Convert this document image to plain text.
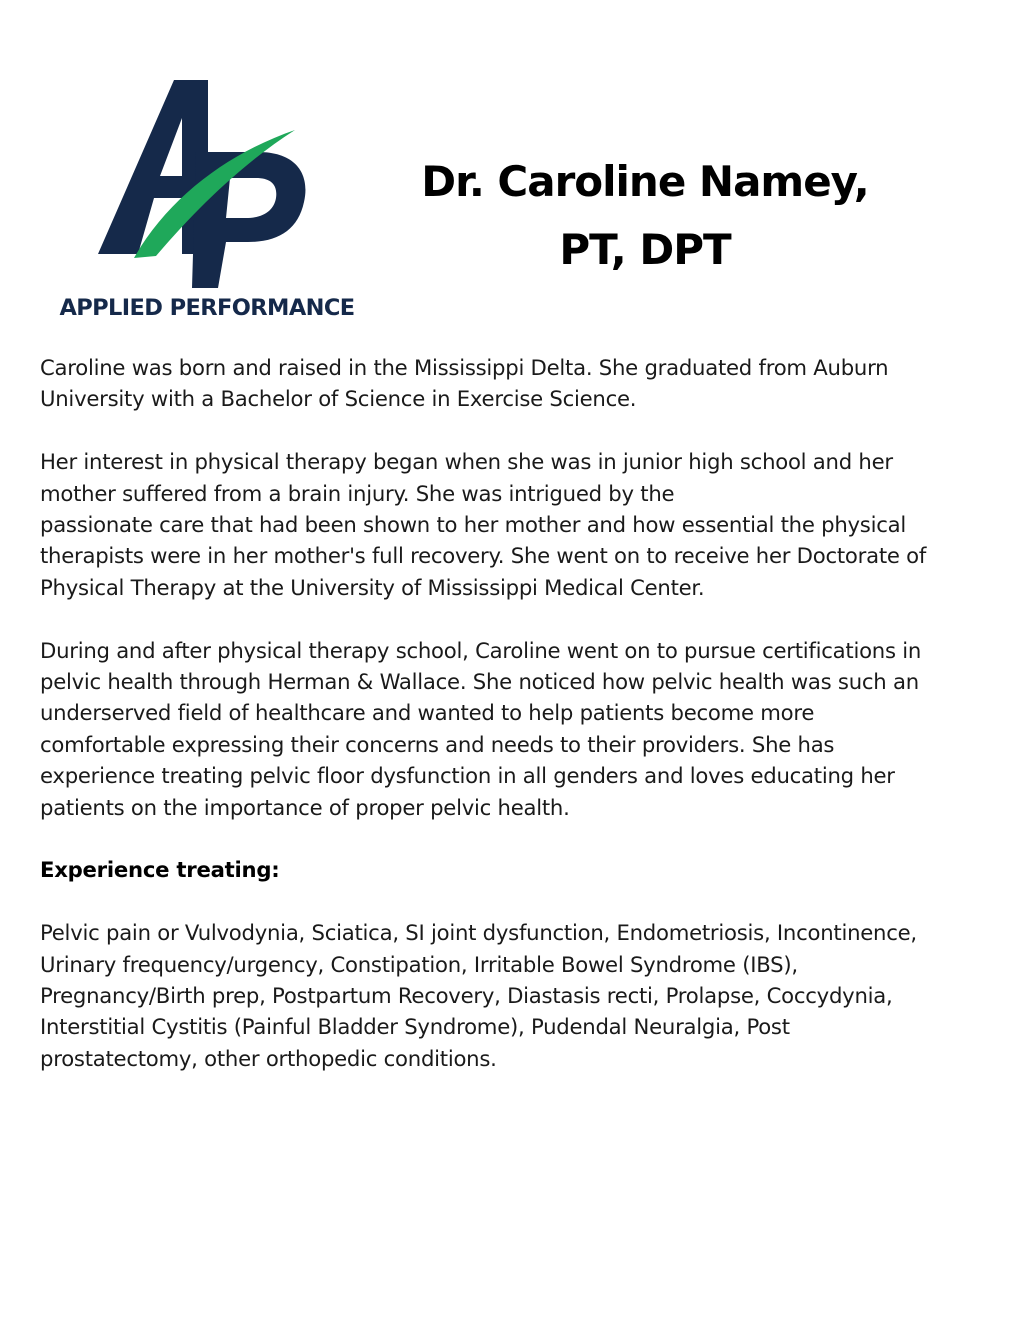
APPLIED PERFORMANCE
Dr. Caroline Namey,
PT, DPT

Caroline was born and raised in the Mississippi Delta. She graduated from Auburn
University with a Bachelor of Science in Exercise Science.

Her interest in physical therapy began when she was in junior high school and her
mother suffered from a brain injury. She was intrigued by the
passionate care that had been shown to her mother and how essential the physical
therapists were in her mother's full recovery. She went on to receive her Doctorate of
Physical Therapy at the University of Mississippi Medical Center.

During and after physical therapy school, Caroline went on to pursue certifications in
pelvic health through Herman & Wallace. She noticed how pelvic health was such an
underserved field of healthcare and wanted to help patients become more
comfortable expressing their concerns and needs to their providers. She has
experience treating pelvic floor dysfunction in all genders and loves educating her
patients on the importance of proper pelvic health.

Experience treating:

Pelvic pain or Vulvodynia, Sciatica, SI joint dysfunction, Endometriosis, Incontinence,
Urinary frequency/urgency, Constipation, Irritable Bowel Syndrome (IBS),
Pregnancy/Birth prep, Postpartum Recovery, Diastasis recti, Prolapse, Coccydynia,
Interstitial Cystitis (Painful Bladder Syndrome), Pudendal Neuralgia, Post
prostatectomy, other orthopedic conditions.
